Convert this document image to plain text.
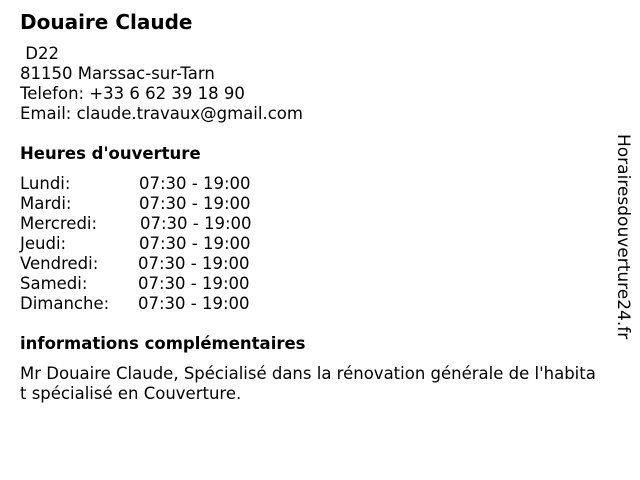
Douaire Claude
D22
81150 Marssac-sur-Tarn
Telefon: +33 6 62 39 18 90
Email: claude.travaux@gmail.com
Heures d'ouverture
Lundi:	07:30 - 19:00
Mardi:	07:30 - 19:00
Mercredi:	07:30 - 19:00
Jeudi:	07:30 - 19:00
Vendredi: 07:30 - 19:00
Samedi:	07:30 - 19:00
Dimanche: 07:30 - 19:00
informations complémentaires

Mr Douaire Claude, Spécialisé dans la rénovation générale de l'habitat spécialisé en Couverture.

Horairesdouverture24.fr
